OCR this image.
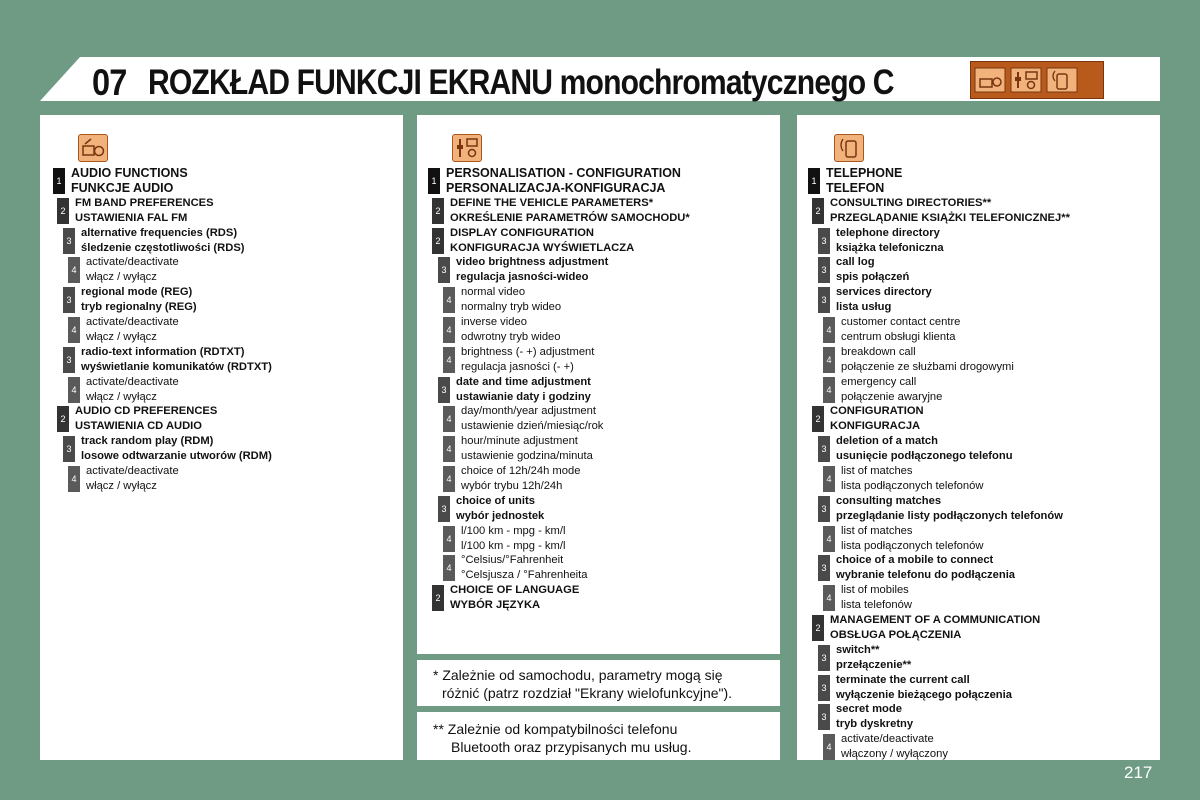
07 ROZKŁAD FUNKCJI EKRANU monochromatycznego C
1
AUDIO FUNCTIONS
FUNKCJE AUDIO
2
FM BAND PREFERENCES
USTAWIENIA FAL FM
3
alternative frequencies (RDS)
śledzenie częstotliwości (RDS)
4
activate/deactivate
włącz / wyłącz
3
regional mode (REG)
tryb regionalny (REG)
4
activate/deactivate
włącz / wyłącz
3
radio-text information (RDTXT)
wyświetlanie komunikatów (RDTXT)
4
activate/deactivate
włącz / wyłącz
2
AUDIO CD PREFERENCES
USTAWIENIA CD AUDIO
3
track random play (RDM)
losowe odtwarzanie utworów (RDM)
4
activate/deactivate
włącz / wyłącz
1
PERSONALISATION - CONFIGURATION
PERSONALIZACJA-KONFIGURACJA
2
DEFINE THE VEHICLE PARAMETERS*
OKREŚLENIE PARAMETRÓW SAMOCHODU*
2
DISPLAY CONFIGURATION
KONFIGURACJA WYŚWIETLACZA
3
video brightness adjustment
regulacja jasności-wideo
4
normal video
normalny tryb wideo
4
inverse video
odwrotny tryb wideo
4
brightness (- +) adjustment
regulacja jasności (- +)
3
date and time adjustment
ustawianie daty i godziny
4
day/month/year adjustment
ustawienie dzień/miesiąc/rok
4
hour/minute adjustment
ustawienie godzina/minuta
4
choice of 12h/24h mode
wybór trybu 12h/24h
3
choice of units
wybór jednostek
4
l/100 km - mpg - km/l
l/100 km - mpg - km/l
4
°Celsius/°Fahrenheit
°Celsjusza / °Fahrenheita
2
CHOICE OF LANGUAGE
WYBÓR JĘZYKA
1
TELEPHONE
TELEFON
2
CONSULTING DIRECTORIES**
PRZEGLĄDANIE KSIĄŻKI TELEFONICZNEJ**
3
telephone directory
książka telefoniczna
3
call log
spis połączeń
3
services directory
lista usług
4
customer contact centre
centrum obsługi klienta
4
breakdown call
połączenie ze służbami drogowymi
4
emergency call
połączenie awaryjne
2
CONFIGURATION
KONFIGURACJA
3
deletion of a match
usunięcie podłączonego telefonu
4
list of matches
lista podłączonych telefonów
3
consulting matches
przeglądanie listy podłączonych telefonów
4
list of matches
lista podłączonych telefonów
3
choice of a mobile to connect
wybranie telefonu do podłączenia
4
list of mobiles
lista telefonów
2
MANAGEMENT OF A COMMUNICATION
OBSŁUGA POŁĄCZENIA
3
switch**
przełączenie**
3
terminate the current call
wyłączenie bieżącego połączenia
3
secret mode
tryb dyskretny
4
activate/deactivate
włączony / wyłączony
* Zależnie od samochodu, parametry mogą się
różnić (patrz rozdział "Ekrany wielofunkcyjne").
** Zależnie od kompatybilności telefonu
Bluetooth oraz przypisanych mu usług.
217
